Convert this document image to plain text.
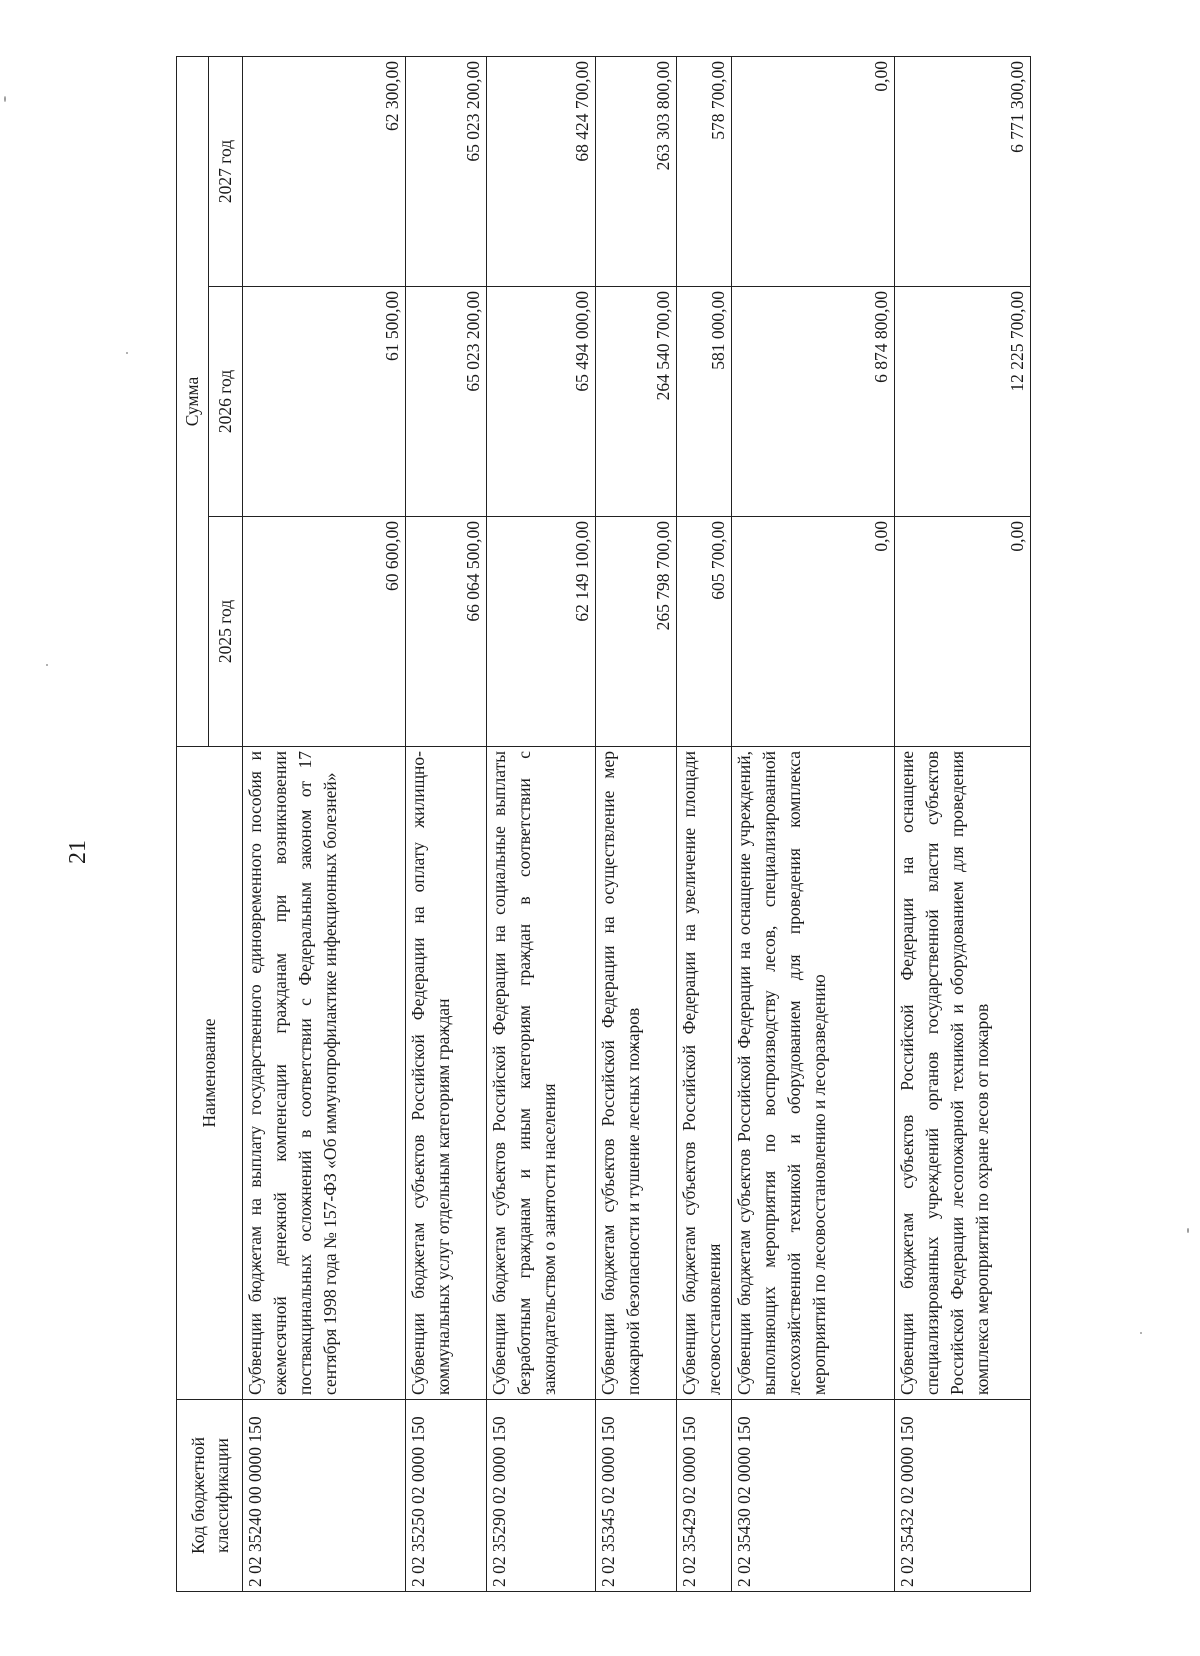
21
Код бюджетной классификации	Наименование	Сумма		
		2025 год	2026 год	2027 год
2 02 35240 00 0000 150	Субвенции бюджетам на выплату государственного единовременного пособия и ежемесячной денежной компенсации гражданам при возникновении поствакцинальных осложнений в соответствии с Федеральным законом от 17 сентября 1998 года № 157-ФЗ «Об иммунопрофилактике инфекционных болезней»	60 600,00	61 500,00	62 300,00
2 02 35250 02 0000 150	Субвенции бюджетам субъектов Российской Федерации на оплату жилищно-коммунальных услуг отдельным категориям граждан	66 064 500,00	65 023 200,00	65 023 200,00
2 02 35290 02 0000 150	Субвенции бюджетам субъектов Российской Федерации на социальные выплаты безработным гражданам и иным категориям граждан в соответствии с законодательством о занятости населения	62 149 100,00	65 494 000,00	68 424 700,00
2 02 35345 02 0000 150	Субвенции бюджетам субъектов Российской Федерации на осуществление мер пожарной безопасности и тушение лесных пожаров	265 798 700,00	264 540 700,00	263 303 800,00
2 02 35429 02 0000 150	Субвенции бюджетам субъектов Российской Федерации на увеличение площади лесовосстановления	605 700,00	581 000,00	578 700,00
2 02 35430 02 0000 150	Субвенции бюджетам субъектов Российской Федерации на оснащение учреждений, выполняющих мероприятия по воспроизводству лесов, специализированной лесохозяйственной техникой и оборудованием для проведения комплекса мероприятий по лесовосстановлению и лесоразведению	0,00	6 874 800,00	0,00
2 02 35432 02 0000 150	Субвенции бюджетам субъектов Российской Федерации на оснащение специализированных учреждений органов государственной власти субъектов Российской Федерации лесопожарной техникой и оборудованием для проведения комплекса мероприятий по охране лесов от пожаров	0,00	12 225 700,00	6 771 300,00
